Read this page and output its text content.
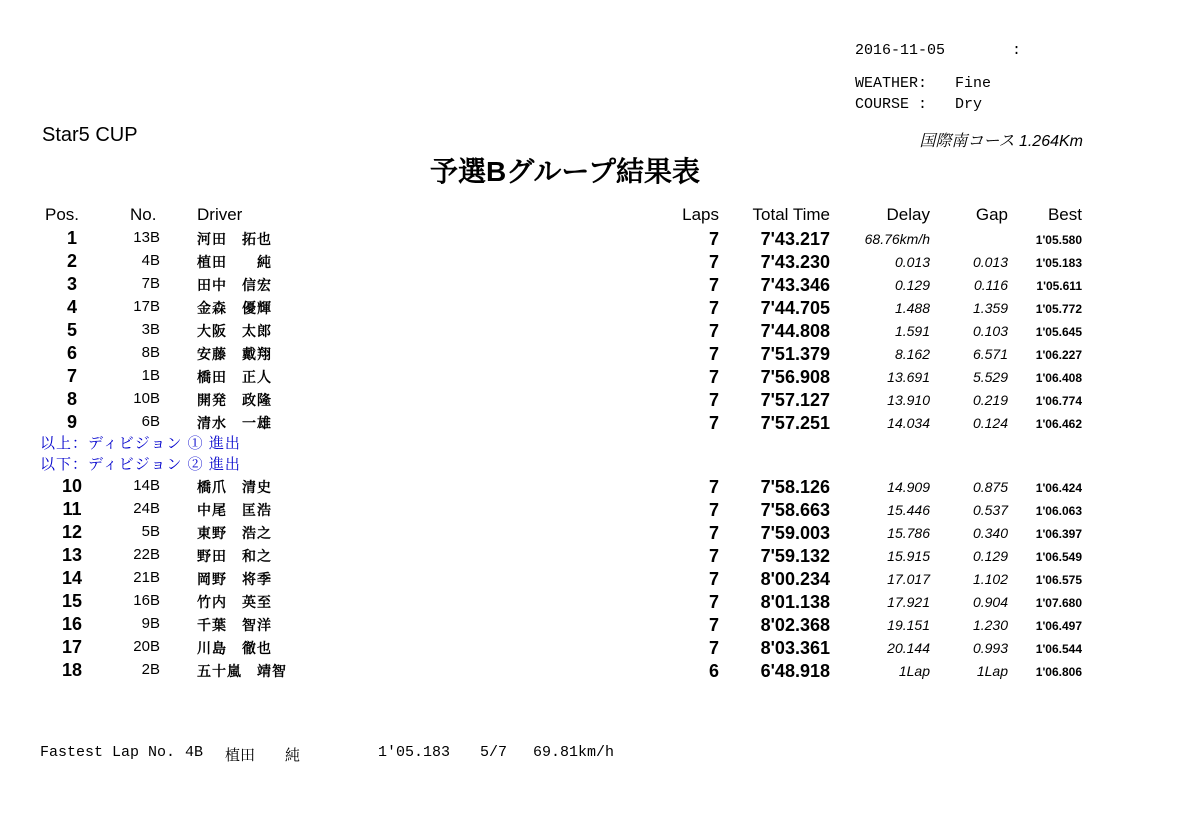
2016-11-05	:
WEATHER: Fine
COURSE : Dry
Star5 CUP	国際南コース 1.264Km
予選Bグループ結果表
Pos.	No. Driver	Laps Total Time	Delay	Gap Best
1	13B	河田　拓也	7 7'43.217 68.76km/h	1'05.580
2	4B	植田　　純	7 7'43.230	0.013	0.013 1'05.183
3	7B	田中　信宏	7 7'43.346	0.129	0.116 1'05.611
4	17B	金森　優輝	7 7'44.705	1.488	1.359 1'05.772
5	3B	大阪　太郎	7 7'44.808	1.591	0.103 1'05.645
6	8B	安藤　戴翔	7 7'51.379	8.162	6.571 1'06.227
7	1B	橋田　正人	7 7'56.908	13.691	5.529 1'06.408
8	10B	開発　政隆	7 7'57.127	13.910	0.219 1'06.774
9	6B	清水　一雄	7 7'57.251	14.034	0.124 1'06.462
以上：ディビジョン ① 進出
以下：ディビジョン ② 進出
10	14B	橋爪　清史	7 7'58.126	14.909	0.875 1'06.424
11	24B	中尾　匡浩	7 7'58.663	15.446	0.537 1'06.063
12	5B	東野　浩之	7 7'59.003	15.786	0.340 1'06.397
13	22B	野田　和之	7 7'59.132	15.915	0.129 1'06.549
14	21B	岡野　将季	7 8'00.234	17.017	1.102 1'06.575
15	16B	竹内　英至	7 8'01.138	17.921	0.904 1'07.680
16	9B	千葉　智洋	7 8'02.368	19.151	1.230 1'06.497
17	20B	川島　徹也	7 8'03.361	20.144	0.993 1'06.544
18	2B	五十嵐　靖智	6 6'48.918	1Lap	1Lap 1'06.806
Fastest Lap No. 4B 植田　　純	1'05.183 5/7 69.81km/h
